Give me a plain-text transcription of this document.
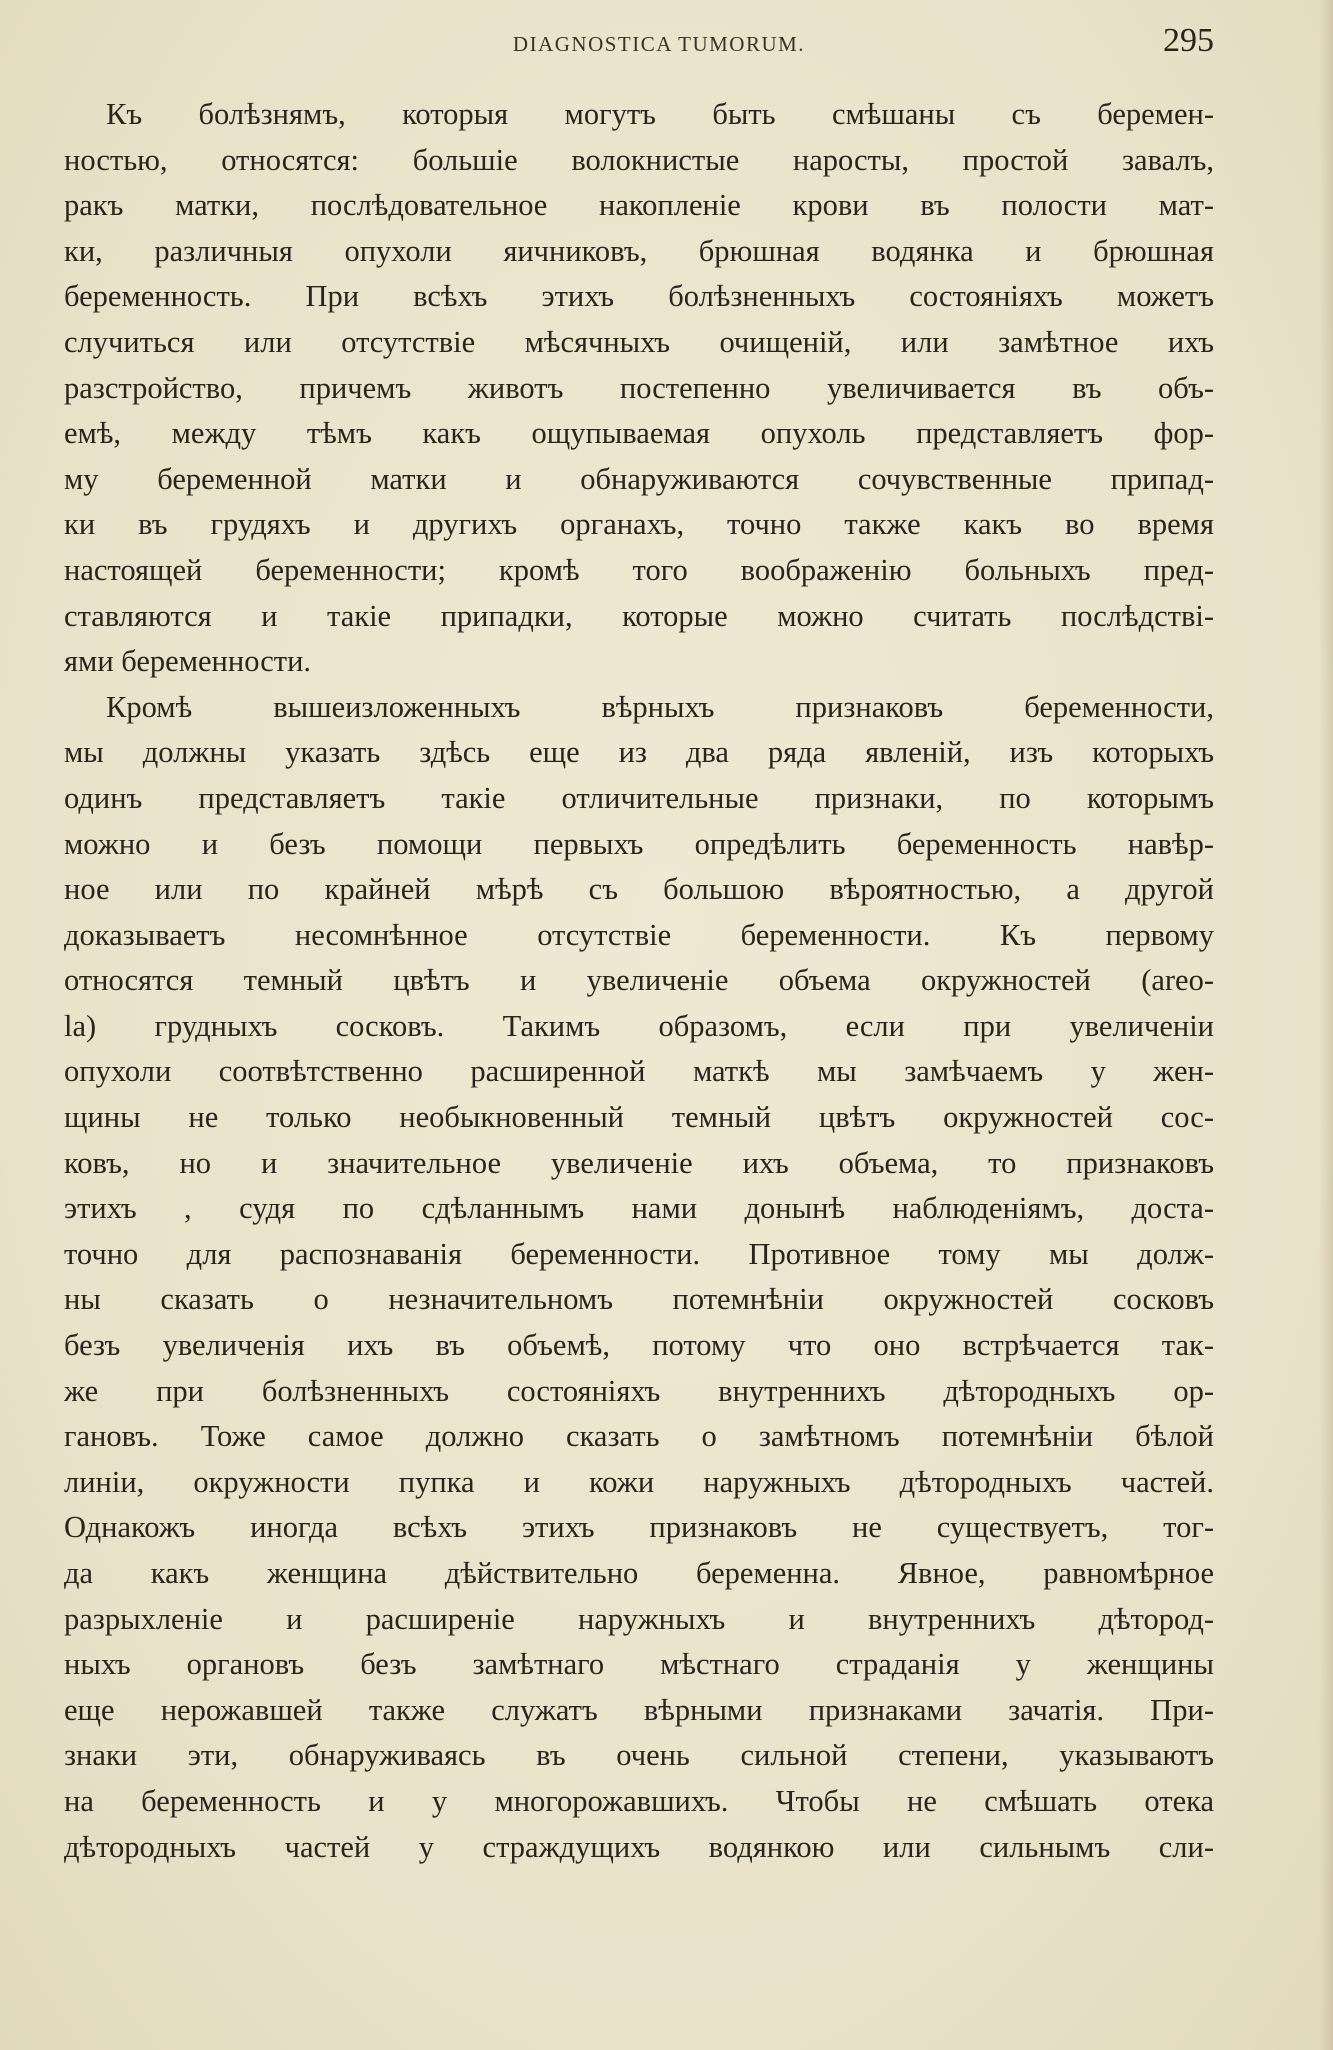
DIAGNOSTICA TUMORUM.	295
Къ болѣзнямъ, которыя могутъ быть смѣшаны съ беремен-
ностью, относятся: большіе волокнистые наросты, простой завалъ,
ракъ матки, послѣдовательное накопленіе крови въ полости мат-
ки, различныя опухоли яичниковъ, брюшная водянка и брюшная
беременность. При всѣхъ этихъ болѣзненныхъ состояніяхъ можетъ
случиться или отсутствіе мѣсячныхъ очищеній, или замѣтное ихъ
разстройство, причемъ животъ постепенно увеличивается въ объ-
емѣ, между тѣмъ какъ ощупываемая опухоль представляетъ фор-
му беременной матки и обнаруживаются сочувственные припад-
ки въ грудяхъ и другихъ органахъ, точно также какъ во время
настоящей беременности; кромѣ того воображенію больныхъ пред-
ставляются и такіе припадки, которые можно считать послѣдствi-
ями беременности.
Кромѣ вышеизложенныхъ вѣрныхъ признаковъ беременности,
мы должны указать здѣсь еще из два ряда явленій, изъ которыхъ
одинъ представляетъ такіе отличительные признаки, по которымъ
можно и безъ помощи первыхъ опредѣлить беременность навѣр-
ное или по крайней мѣрѣ съ большою вѣроятностью, а другой
доказываетъ несомнѣнное отсутствіе беременности. Къ первому
относятся темный цвѣтъ и увеличеніе объема окружностей (areo-
la) грудныхъ сосковъ. Такимъ образомъ, если при увеличеніи
опухоли соотвѣтственно расширенной маткѣ мы замѣчаемъ у жен-
щины не только необыкновенный темный цвѣтъ окружностей сос-
ковъ, но и значительное увеличеніе ихъ объема, то признаковъ
этихъ , судя по сдѣланнымъ нами донынѣ наблюденіямъ, доста-
точно для распознаванія беременности. Противное тому мы долж-
ны сказать о незначительномъ потемнѣніи окружностей сосковъ
безъ увеличенія ихъ въ объемѣ, потому что оно встрѣчается так-
же при болѣзненныхъ состояніяхъ внутреннихъ дѣтородныхъ ор-
гановъ. Тоже самое должно сказать о замѣтномъ потемнѣніи бѣлой
линіи, окружности пупка и кожи наружныхъ дѣтородныхъ частей.
Однакожъ иногда всѣхъ этихъ признаковъ не существуетъ, тог-
да какъ женщина дѣйствительно беременна. Явное, равномѣрное
разрыхленіе и расширеніе наружныхъ и внутреннихъ дѣтород-
ныхъ органовъ безъ замѣтнаго мѣстнаго страданія у женщины
еще нерожавшей также служатъ вѣрными признаками зачатія. При-
знаки эти, обнаруживаясь въ очень сильной степени, указываютъ
на беременность и у многорожавшихъ. Чтобы не смѣшать отека
дѣтородныхъ частей у страждущихъ водянкою или сильнымъ сли-
